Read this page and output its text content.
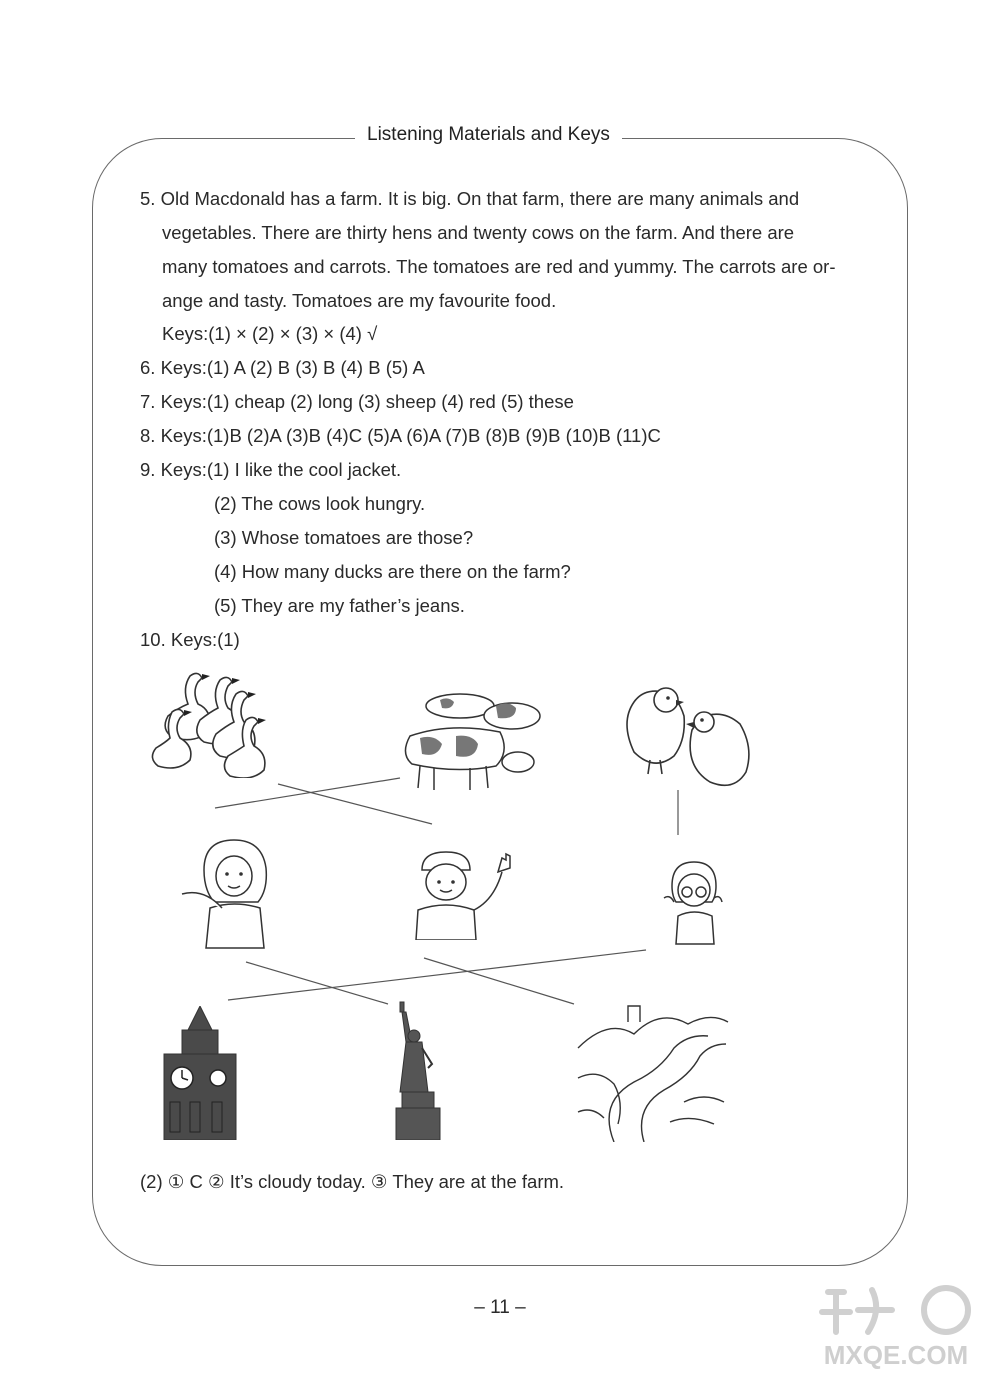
Listening Materials and Keys
5. Old Macdonald has a farm. It is big. On that farm, there are many animals and
vegetables. There are thirty hens and twenty cows on the farm. And there are
many tomatoes and carrots. The tomatoes are red and yummy. The carrots are or-
ange and tasty. Tomatoes are my favourite food.
Keys:(1) × (2) × (3) × (4) √
6. Keys:(1) A (2) B (3) B (4) B (5) A
7. Keys:(1) cheap (2) long (3) sheep (4) red (5) these
8. Keys:(1)B (2)A (3)B (4)C (5)A (6)A (7)B (8)B (9)B (10)B (11)C
9. Keys:(1) I like the cool jacket.
(2) The cows look hungry.
(3) Whose tomatoes are those?
(4) How many ducks are there on the farm?
(5) They are my father’s jeans.
10. Keys:(1)
(2) ① C ② It’s cloudy today. ③ They are at the farm.
– 11 –
MXQE.COM
